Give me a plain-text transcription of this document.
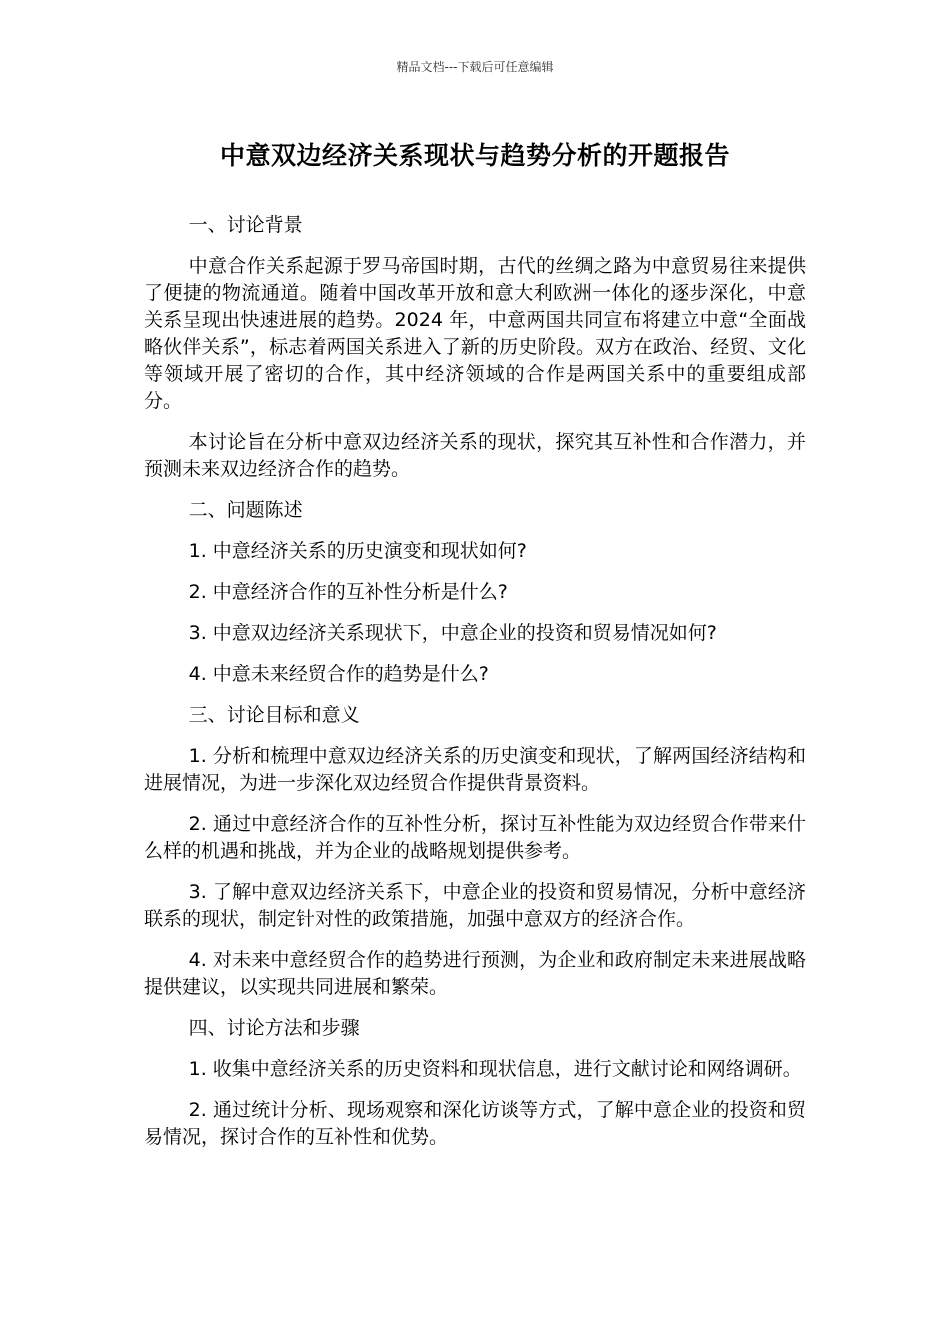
精品文档---下载后可任意编辑
中意双边经济关系现状与趋势分析的开题报告

一、讨论背景

中意合作关系起源于罗马帝国时期，古代的丝绸之路为中意贸易往来提供了便捷的物流通道。随着中国改革开放和意大利欧洲一体化的逐步深化，中意关系呈现出快速进展的趋势。2024 年，中意两国共同宣布将建立中意“全面战略伙伴关系”，标志着两国关系进入了新的历史阶段。双方在政治、经贸、文化等领域开展了密切的合作，其中经济领域的合作是两国关系中的重要组成部分。

本讨论旨在分析中意双边经济关系的现状，探究其互补性和合作潜力，并预测未来双边经济合作的趋势。

二、问题陈述

1. 中意经济关系的历史演变和现状如何?

2. 中意经济合作的互补性分析是什么?

3. 中意双边经济关系现状下，中意企业的投资和贸易情况如何?

4. 中意未来经贸合作的趋势是什么?

三、讨论目标和意义

1. 分析和梳理中意双边经济关系的历史演变和现状，了解两国经济结构和进展情况，为进一步深化双边经贸合作提供背景资料。

2. 通过中意经济合作的互补性分析，探讨互补性能为双边经贸合作带来什么样的机遇和挑战，并为企业的战略规划提供参考。

3. 了解中意双边经济关系下，中意企业的投资和贸易情况，分析中意经济联系的现状，制定针对性的政策措施，加强中意双方的经济合作。

4. 对未来中意经贸合作的趋势进行预测，为企业和政府制定未来进展战略提供建议，以实现共同进展和繁荣。

四、讨论方法和步骤

1. 收集中意经济关系的历史资料和现状信息，进行文献讨论和网络调研。

2. 通过统计分析、现场观察和深化访谈等方式，了解中意企业的投资和贸易情况，探讨合作的互补性和优势。
